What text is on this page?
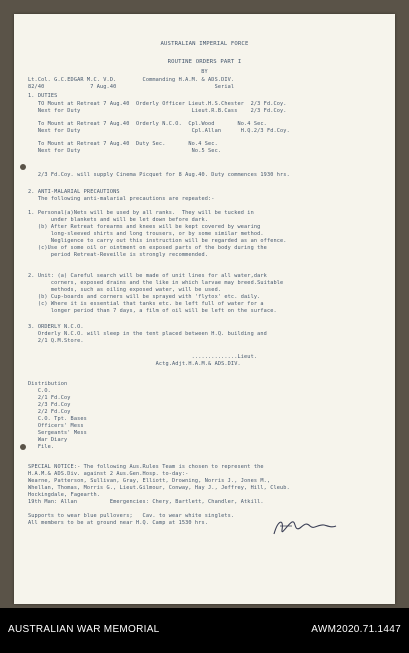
AUSTRALIAN IMPERIAL FORCE
ROUTINE ORDERS PART I
BY
Lt.Col. G.C.EDGAR M.C. V.D.        Commanding H.A.M. & ADS.DIV.
82/40              7 Aug.40                              Serial
1. DUTIES
TO Mount at Retreat 7 Aug.40  Orderly Officer Lieut.H.S.Chester  2/3 Fd.Coy.
Next for Duty                                  Lieut.R.B.Cass    2/3 Fd.Coy.
To Mount at Retreat 7 Aug.40  Orderly N.C.O.  Cpl.Wood       No.4 Sec.
Next for Duty                                  Cpl.Allan      H.Q.2/3 Fd.Coy.
To Mount at Retreat 7 Aug.40  Duty Sec.       No.4 Sec.
Next for Duty                                  No.5 Sec.
2/3 Fd.Coy. will supply Cinema Picquet for 8 Aug.40. Duty commences 1930 hrs.
2. ANTI-MALARIAL PRECAUTIONS
The following anti-malarial precautions are repeated:-
1. Personal(a)Nets will be used by all ranks.  They will be tucked in
under blankets and will be let down before dark.
(b) After Retreat forearms and knees will be kept covered by wearing
long-sleeved shirts and long trousers, or by some similar method.
Negligence to carry out this instruction will be regarded as an offence.
(c)Use of some oil or ointment on exposed parts of the body during the
period Retreat-Reveille is strongly recommended.
2. Unit: (a) Careful search will be made of unit lines for all water,dark
corners, exposed drains and the like in which larvae may breed.Suitable
methods, such as oiling exposed water, will be used.
(b) Cup-boards and corners will be sprayed with 'flytox' etc. daily.
(c) Where it is essential that tanks etc. be left full of water for a
longer period than 7 days, a film of oil will be left on the surface.
3. ORDERLY N.C.O.
Orderly N.C.O. will sleep in the tent placed between H.Q. building and
2/1 Q.M.Store.
..............Lieut.
Actg.Adjt.H.A.M.& ADS.DIV.
Distribution
C.O.
2/1 Fd.Coy
2/3 Fd.Coy
2/2 Fd.Coy
C.O. Tpt. Bases
Officers' Mess
Sergeants' Mess
War Diary
File.
SPECIAL NOTICE:- The following Aus.Rules Team is chosen to represent the
H.A.M.& ADS.Div. against 2 Aus.Gen.Hosp. to-day:-
Wearne, Patterson, Sullivan, Gray, Elliott, Drowning, Norris J., Jones M.,
Whellan, Thomas, Morris G., Lieut.Gilmour, Conway, Hay J., Jeffrey, Hill, Cleub.
Hockingdale, Fagearth.
19th Man: Allan          Emergencies: Chery, Bartlett, Chandler, Atkill.
Supports to wear blue pullovers;   Cav. to wear white singlets.
All members to be at ground near H.Q. Camp at 1530 hrs.
AUSTRALIAN WAR MEMORIAL	AWM2020.71.1447
